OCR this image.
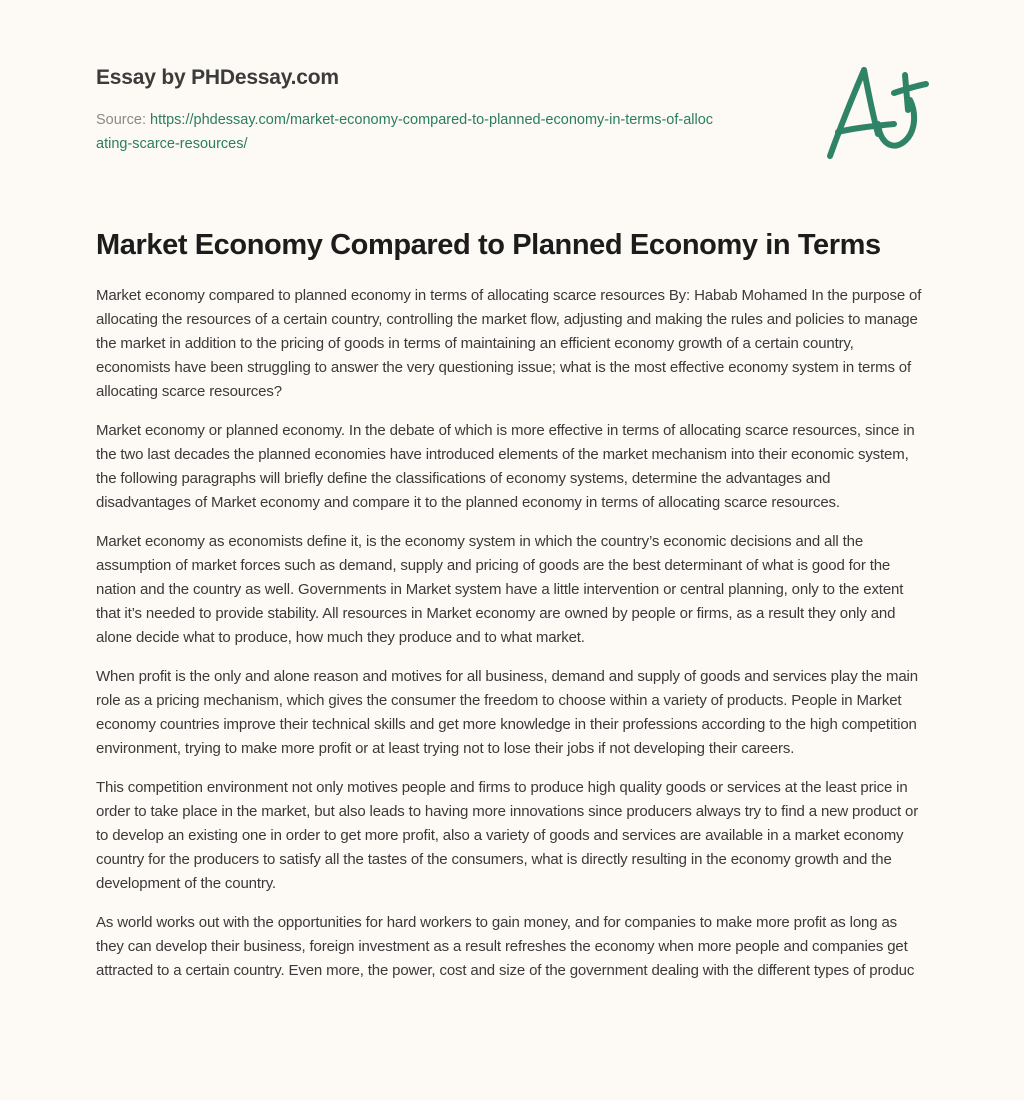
Essay by PHDessay.com
Source: https://phdessay.com/market-economy-compared-to-planned-economy-in-terms-of-allocating-scarce-resources/
Market Economy Compared to Planned Economy in Terms

Market economy compared to planned economy in terms of allocating scarce resources By: Habab Mohamed In the purpose of allocating the resources of a certain country, controlling the market flow, adjusting and making the rules and policies to manage the market in addition to the pricing of goods in terms of maintaining an efficient economy growth of a certain country, economists have been struggling to answer the very questioning issue; what is the most effective economy system in terms of allocating scarce resources?

Market economy or planned economy. In the debate of which is more effective in terms of allocating scarce resources, since in the two last decades the planned economies have introduced elements of the market mechanism into their economic system, the following paragraphs will briefly define the classifications of economy systems, determine the advantages and disadvantages of Market economy and compare it to the planned economy in terms of allocating scarce resources.

Market economy as economists define it, is the economy system in which the country’s economic decisions and all the assumption of market forces such as demand, supply and pricing of goods are the best determinant of what is good for the nation and the country as well. Governments in Market system have a little intervention or central planning, only to the extent that it’s needed to provide stability. All resources in Market economy are owned by people or firms, as a result they only and alone decide what to produce, how much they produce and to what market.

When profit is the only and alone reason and motives for all business, demand and supply of goods and services play the main role as a pricing mechanism, which gives the consumer the freedom to choose within a variety of products. People in Market economy countries improve their technical skills and get more knowledge in their professions according to the high competition environment, trying to make more profit or at least trying not to lose their jobs if not developing their careers.

This competition environment not only motives people and firms to produce high quality goods or services at the least price in order to take place in the market, but also leads to having more innovations since producers always try to find a new product or to develop an existing one in order to get more profit, also a variety of goods and services are available in a market economy country for the producers to satisfy all the tastes of the consumers, what is directly resulting in the economy growth and the development of the country.

As world works out with the opportunities for hard workers to gain money, and for companies to make more profit as long as they can develop their business, foreign investment as a result refreshes the economy when more people and companies get attracted to a certain country. Even more, the power, cost and size of the government dealing with the different types of produc
